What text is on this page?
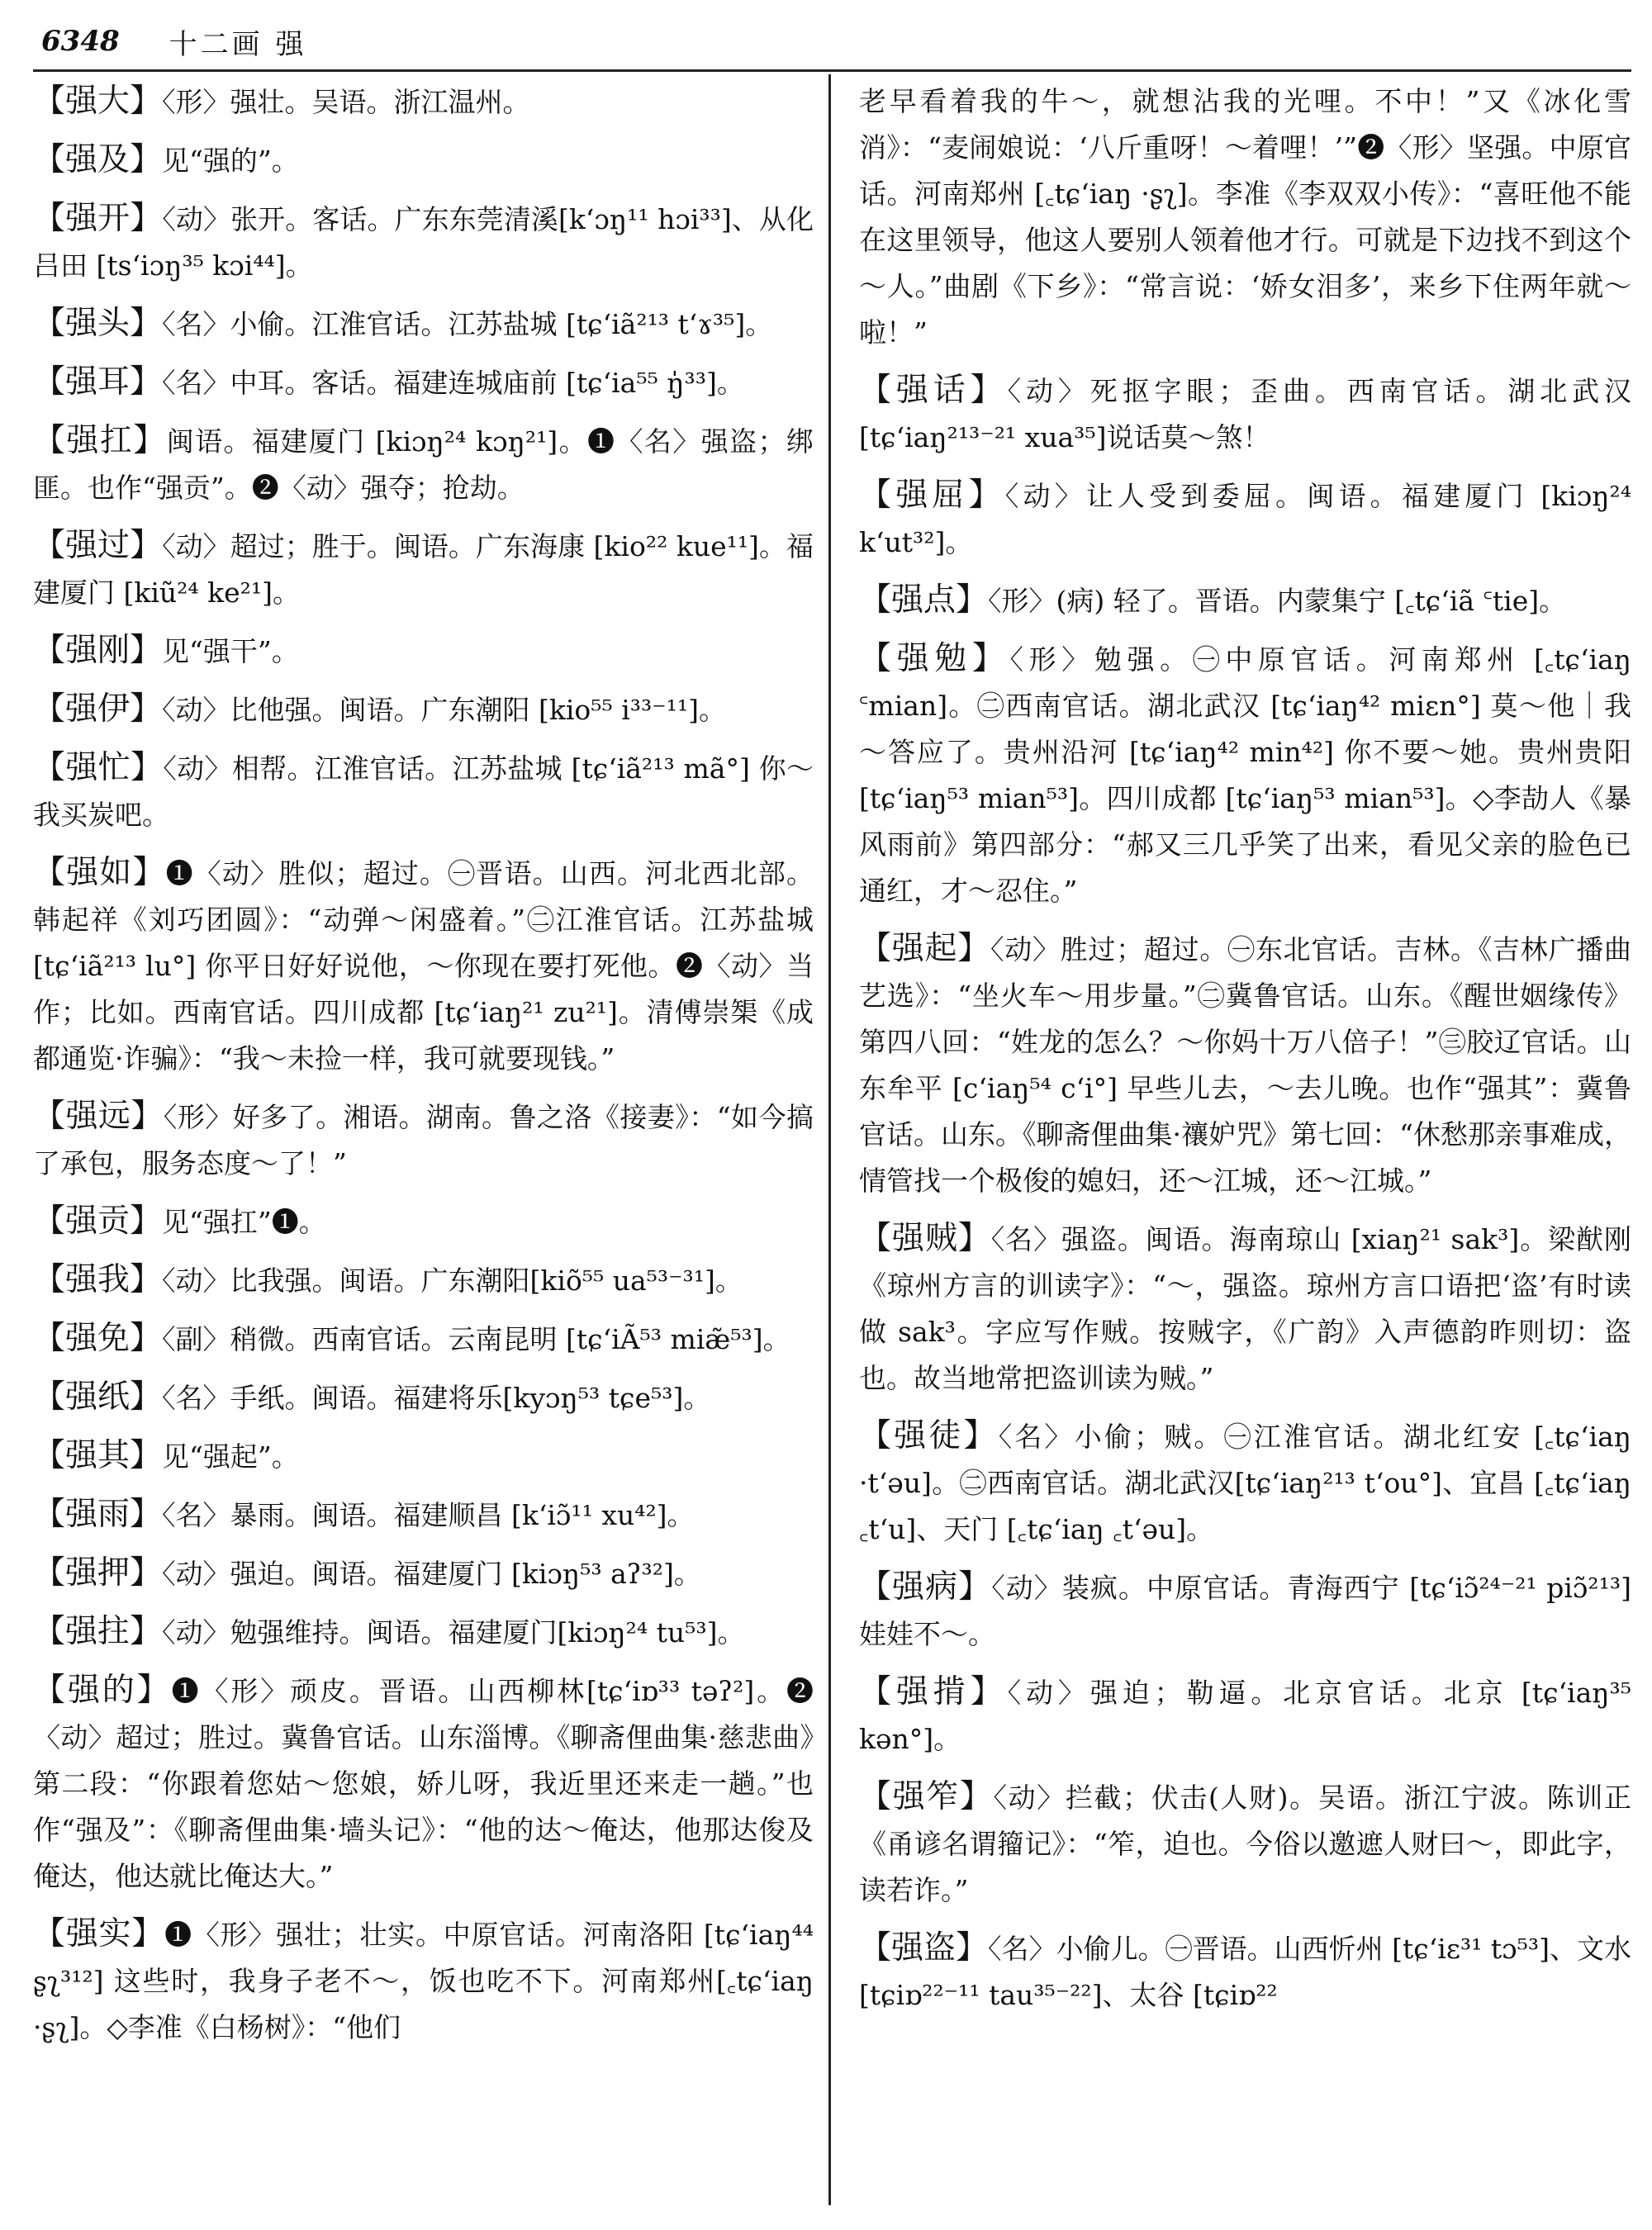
6348 十二画 强

【强大】〈形〉强壮。吴语。浙江温州。

【强及】见“强的”。

【强开】〈动〉张开。客话。广东东莞清溪[kʻɔŋ¹¹ hɔi³³]、从化吕田 [tsʻiɔŋ³⁵ kɔi⁴⁴]。

【强头】〈名〉小偷。江淮官话。江苏盐城 [tɕʻiã²¹³ tʻɤ³⁵]。

【强耳】〈名〉中耳。客话。福建连城庙前 [tɕʻia⁵⁵ ŋ̍³³]。

【强扛】闽语。福建厦门 [kiɔŋ²⁴ kɔŋ²¹]。❶〈名〉强盗；绑匪。也作“强贡”。❷〈动〉强夺；抢劫。

【强过】〈动〉超过；胜于。闽语。广东海康 [kio²² kue¹¹]。福建厦门 [kiũ²⁴ ke²¹]。

【强刚】见“强干”。

【强伊】〈动〉比他强。闽语。广东潮阳 [kio⁵⁵ i³³⁻¹¹]。

【强忙】〈动〉相帮。江淮官话。江苏盐城 [tɕʻiã²¹³ mã°] 你～我买炭吧。

【强如】❶〈动〉胜似；超过。㊀晋语。山西。河北西北部。韩起祥《刘巧团圆》：“动弹～闲盛着。”㊁江淮官话。江苏盐城 [tɕʻiã²¹³ lu°] 你平日好好说他，～你现在要打死他。❷〈动〉当作；比如。西南官话。四川成都 [tɕʻiaŋ²¹ zu²¹]。清傅崇榘《成都通览·诈骗》：“我～未捡一样，我可就要现钱。”

【强远】〈形〉好多了。湘语。湖南。鲁之洛《接妻》：“如今搞了承包，服务态度～了！”

【强贡】见“强扛”❶。

【强我】〈动〉比我强。闽语。广东潮阳[kiõ⁵⁵ ua⁵³⁻³¹]。

【强免】〈副〉稍微。西南官话。云南昆明 [tɕʻiÃ⁵³ miæ̃⁵³]。

【强纸】〈名〉手纸。闽语。福建将乐[kyɔŋ⁵³ tɕe⁵³]。

【强其】见“强起”。

【强雨】〈名〉暴雨。闽语。福建顺昌 [kʻiɔ̃¹¹ xu⁴²]。

【强押】〈动〉强迫。闽语。福建厦门 [kiɔŋ⁵³ aʔ³²]。

【强拄】〈动〉勉强维持。闽语。福建厦门[kiɔŋ²⁴ tu⁵³]。

【强的】❶〈形〉顽皮。晋语。山西柳林[tɕʻiɒ³³ təʔ²]。❷〈动〉超过；胜过。冀鲁官话。山东淄博。《聊斋俚曲集·慈悲曲》第二段：“你跟着您姑～您娘，娇儿呀，我近里还来走一趟。”也作“强及”：《聊斋俚曲集·墙头记》：“他的达～俺达，他那达俊及俺达，他达就比俺达大。”

【强实】❶〈形〉强壮；壮实。中原官话。河南洛阳 [tɕʻiaŋ⁴⁴ ʂʅ³¹²] 这些时，我身子老不～，饭也吃不下。河南郑州[꜀tɕʻiaŋ ·ʂʅ]。◇李准《白杨树》：“他们

老早看着我的牛～，就想沾我的光哩。不中！”又《冰化雪消》：“麦闹娘说：‘八斤重呀！～着哩！’”❷〈形〉坚强。中原官话。河南郑州 [꜀tɕʻiaŋ ·ʂʅ]。李准《李双双小传》：“喜旺他不能在这里领导，他这人要别人领着他才行。可就是下边找不到这个～人。”曲剧《下乡》：“常言说：‘娇女泪多’，来乡下住两年就～啦！”

【强话】〈动〉死抠字眼；歪曲。西南官话。湖北武汉 [tɕʻiaŋ²¹³⁻²¹ xua³⁵]说话莫～煞！

【强屈】〈动〉让人受到委屈。闽语。福建厦门 [kiɔŋ²⁴ kʻut³²]。

【强点】〈形〉(病) 轻了。晋语。内蒙集宁 [꜀tɕʻiã ꜂tie]。

【强勉】〈形〉勉强。㊀中原官话。河南郑州 [꜀tɕʻiaŋ ꜂mian]。㊁西南官话。湖北武汉 [tɕʻiaŋ⁴² miɛn°] 莫～他｜我～答应了。贵州沿河 [tɕʻiaŋ⁴² min⁴²] 你不要～她。贵州贵阳 [tɕʻiaŋ⁵³ mian⁵³]。四川成都 [tɕʻiaŋ⁵³ mian⁵³]。◇李劼人《暴风雨前》第四部分：“郝又三几乎笑了出来，看见父亲的脸色已通红，才～忍住。”

【强起】〈动〉胜过；超过。㊀东北官话。吉林。《吉林广播曲艺选》：“坐火车～用步量。”㊁冀鲁官话。山东。《醒世姻缘传》第四八回：“姓龙的怎么？～你妈十万八倍子！”㊂胶辽官话。山东牟平 [cʻiaŋ⁵⁴ cʻi°] 早些儿去，～去儿晚。也作“强其”：冀鲁官话。山东。《聊斋俚曲集·禳妒咒》第七回：“休愁那亲事难成，情管找一个极俊的媳妇，还～江城，还～江城。”

【强贼】〈名〉强盗。闽语。海南琼山 [xiaŋ²¹ sak³]。梁猷刚《琼州方言的训读字》：“～，强盗。琼州方言口语把‘盗’有时读做 sak³。字应写作贼。按贼字，《广韵》入声德韵昨则切：盗也。故当地常把盗训读为贼。”

【强徒】〈名〉小偷；贼。㊀江淮官话。湖北红安 [꜀tɕʻiaŋ ·tʻəu]。㊁西南官话。湖北武汉[tɕʻiaŋ²¹³ tʻou°]、宜昌 [꜀tɕʻiaŋ ꜀tʻu]、天门 [꜀tɕʻiaŋ ꜀tʻəu]。

【强病】〈动〉装疯。中原官话。青海西宁 [tɕʻiɔ̃²⁴⁻²¹ piɔ̃²¹³] 娃娃不～。

【强掯】〈动〉强迫；勒逼。北京官话。北京 [tɕʻiaŋ³⁵ kən°]。

【强笮】〈动〉拦截；伏击(人财)。吴语。浙江宁波。陈训正《甬谚名谓籀记》：“笮，迫也。今俗以邀遮人财曰～，即此字，读若诈。”

【强盗】〈名〉小偷儿。㊀晋语。山西忻州 [tɕʻiɛ³¹ tɔ⁵³]、文水 [tɕiɒ²²⁻¹¹ tau³⁵⁻²²]、太谷 [tɕiɒ²²
